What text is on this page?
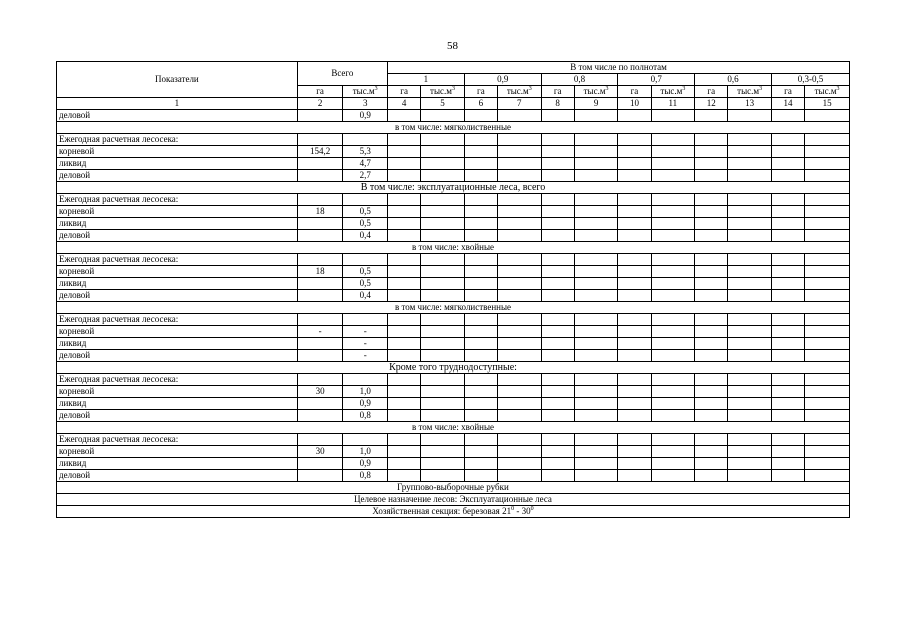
58
Показатели	Всего		В том числе по полнотам											
			1		0,9		0,8		0,7		0,6		0,3-0,5	
	га	$тыс.м^3$	га	$тыс.м^3$	га	$тыс.м^3$	га	$тыс.м^3$	га	$тыс.м^3$	га	$тыс.м^3$	га	$тыс.м^3$
1	2	3	4	5	6	7	8	9	10	11	12	13	14	15
деловой		0,9												
в том числе: мягколиственные														
Ежегодная расчетная лесосека:														
корневой	154,2	5,3												
ликвид		4,7												
деловой		2,7												
В том числе: эксплуатационные леса, всего														
Ежегодная расчетная лесосека:														
корневой	18	0,5												
ликвид		0,5												
деловой		0,4												
в том числе: хвойные														
Ежегодная расчетная лесосека:														
корневой	18	0,5												
ликвид		0,5												
деловой		0,4												
в том числе: мягколиственные														
Ежегодная расчетная лесосека:														
корневой	-	-												
ликвид		-												
деловой		-												
Кроме того труднодоступные:														
Ежегодная расчетная лесосека:														
корневой	30	1,0												
ликвид		0,9												
деловой		0,8												
в том числе: хвойные														
Ежегодная расчетная лесосека:														
корневой	30	1,0												
ликвид		0,9												
деловой		0,8												
Группово-выборочные рубки														
Целевое назначение лесов: Эксплуатационные леса														
Хозяйственная секция: березовая $21^0 - 30^0$
